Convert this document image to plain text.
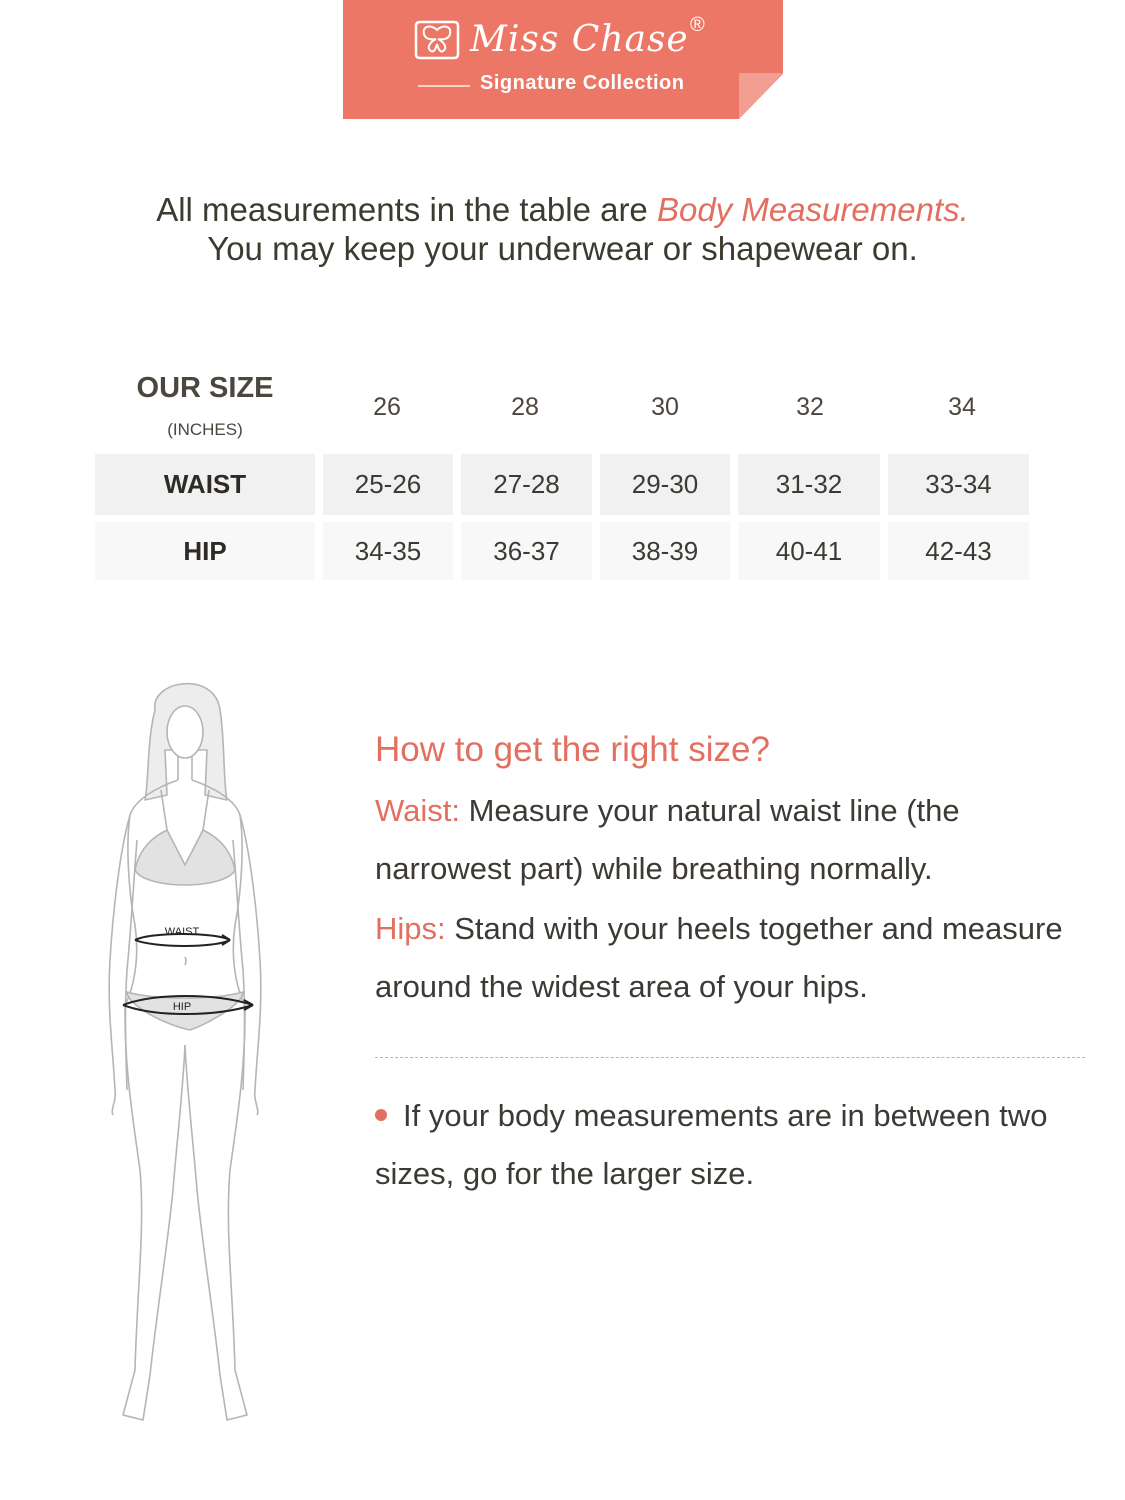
Miss Chase ®
Signature Collection
All measurements in the table are Body Measurements.
You may keep your underwear or shapewear on.
OUR SIZE
(INCHES)
26	28	30	32	34
WAIST	25-26	27-28	29-30	31-32	33-34
HIP	34-35	36-37	38-39	40-41	42-43
WAIST
HIP
How to get the right size?
Waist: Measure your natural waist line (the narrowest part) while breathing normally.
Hips: Stand with your heels together and measure around the widest area of your hips.
If your body measurements are in between two sizes, go for the larger size.
